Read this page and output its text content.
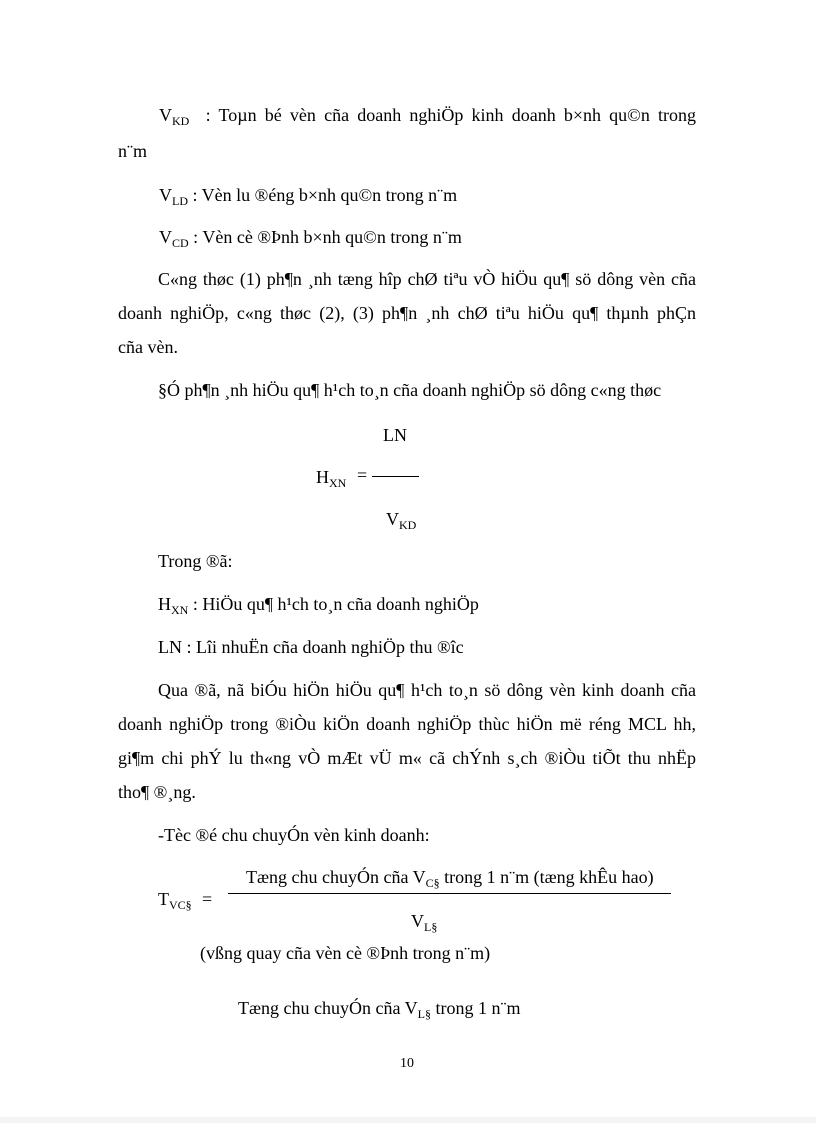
$V_{KD}$ : Toµn bé vèn cña doanh nghiÖp kinh doanh b×nh qu©n trong
n¨m
$V_{LD}$ : Vèn lu ®éng b×nh qu©n trong n¨m
$V_{CD}$ : Vèn cè ®Þnh b×nh qu©n trong n¨m
C«ng thøc (1) ph¶n ¸nh tæng hîp chØ tiªu vÒ hiÖu qu¶ sö dông vèn cña
doanh nghiÖp, c«ng thøc (2), (3) ph¶n ¸nh chØ tiªu hiÖu qu¶ thµnh phÇn
cña vèn.
§Ó ph¶n ¸nh hiÖu qu¶ h¹ch to¸n cña doanh nghiÖp sö dông c«ng thøc
LN
$H_{XN}$ =
$V_{KD}$
Trong ®ã:
$H_{XN}$ : HiÖu qu¶ h¹ch to¸n cña doanh nghiÖp
LN : Lîi nhuËn cña doanh nghiÖp thu ®îc
Qua ®ã, nã biÓu hiÖn hiÖu qu¶ h¹ch to¸n sö dông vèn kinh doanh cña
doanh nghiÖp trong ®iÒu kiÖn doanh nghiÖp thùc hiÖn më réng MCL hh,
gi¶m chi phÝ lu th«ng vÒ mÆt vÜ m« cã chÝnh s¸ch ®iÒu tiÕt thu nhËp
tho¶ ®¸ng.
-Tèc ®é chu chuyÓn vèn kinh doanh:
Tæng chu chuyÓn cña $V_{C\S}$ trong 1 n¨m (tæng khÊu hao)
$T_{VC\S}$ =
$V_{L\S}$
(vßng quay cña vèn cè ®Þnh trong n¨m)
Tæng chu chuyÓn cña $V_{L\S}$ trong 1 n¨m
10
